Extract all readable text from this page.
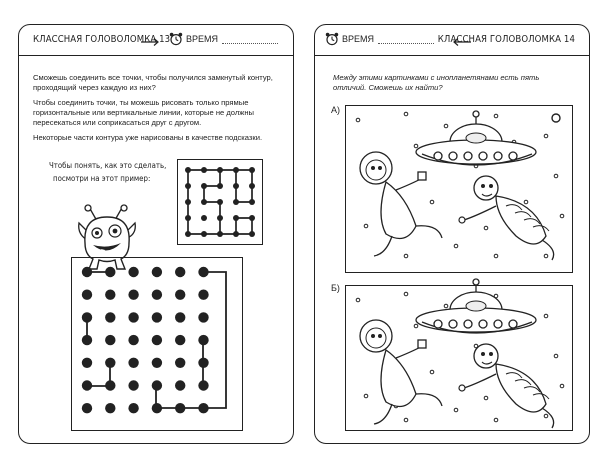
КЛАССНАЯ ГОЛОВОЛОМКА 13 ВРЕМЯ
Сможешь соединить все точки, чтобы получился замкнутый контур, проходящий через каждую из них?
Чтобы соединить точки, ты можешь рисовать только прямые горизонтальные или вертикальные линии, которые не должны пересекаться или соприкасаться друг с другом.
Некоторые части контура уже нарисованы в качестве подсказки.
Чтобы понять, как это сделать,
посмотри на этот пример:
ВРЕМЯ	КЛАССНАЯ ГОЛОВОЛОМКА 14
Между этими картинками с инопланетянами есть пять отличий. Сможешь их найти?
А)
Б)
